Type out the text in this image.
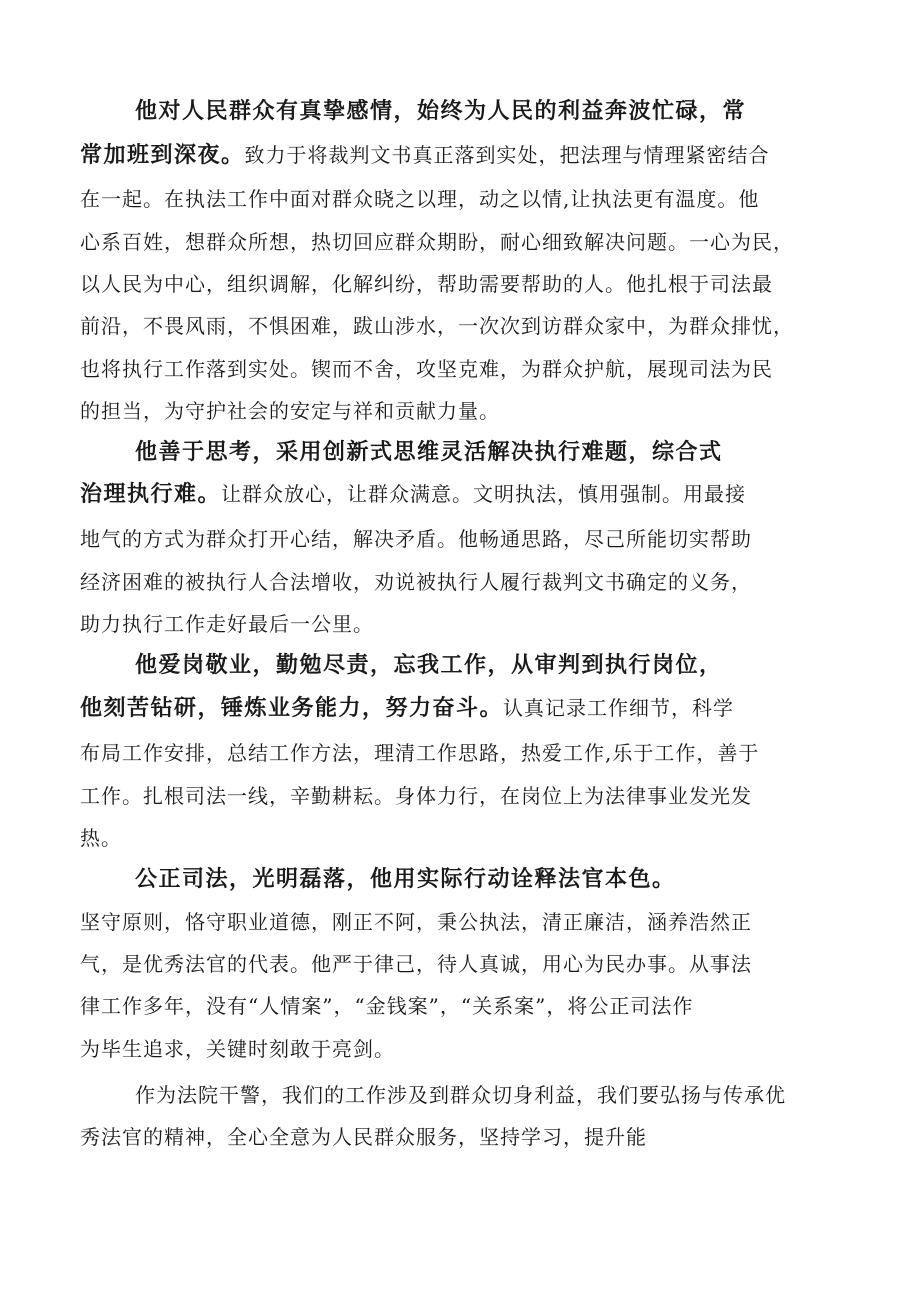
他对人民群众有真挚感情，始终为人民的利益奔波忙碌，常
常加班到深夜。致力于将裁判文书真正落到实处，把法理与情理紧密结合
在一起。在执法工作中面对群众晓之以理，动之以情,让执法更有温度。他
心系百姓，想群众所想，热切回应群众期盼，耐心细致解决问题。一心为民，
以人民为中心，组织调解，化解纠纷，帮助需要帮助的人。他扎根于司法最
前沿，不畏风雨，不惧困难，跋山涉水，一次次到访群众家中，为群众排忧，
也将执行工作落到实处。锲而不舍，攻坚克难，为群众护航，展现司法为民
的担当，为守护社会的安定与祥和贡献力量。
他善于思考，采用创新式思维灵活解决执行难题，综合式
治理执行难。让群众放心，让群众满意。文明执法，慎用强制。用最接
地气的方式为群众打开心结，解决矛盾。他畅通思路，尽己所能切实帮助
经济困难的被执行人合法增收，劝说被执行人履行裁判文书确定的义务，
助力执行工作走好最后一公里。
他爱岗敬业，勤勉尽责，忘我工作，从审判到执行岗位，
他刻苦钻研，锤炼业务能力，努力奋斗。认真记录工作细节，科学
布局工作安排，总结工作方法，理清工作思路，热爱工作,乐于工作，善于
工作。扎根司法一线，辛勤耕耘。身体力行，在岗位上为法律事业发光发
热。
公正司法，光明磊落，他用实际行动诠释法官本色。
坚守原则，恪守职业道德，刚正不阿，秉公执法，清正廉洁，涵养浩然正
气，是优秀法官的代表。他严于律己，待人真诚，用心为民办事。从事法
律工作多年，没有“人情案”，“金钱案”，“关系案”，将公正司法作
为毕生追求，关键时刻敢于亮剑。
作为法院干警，我们的工作涉及到群众切身利益，我们要弘扬与传承优
秀法官的精神，全心全意为人民群众服务，坚持学习，提升能
